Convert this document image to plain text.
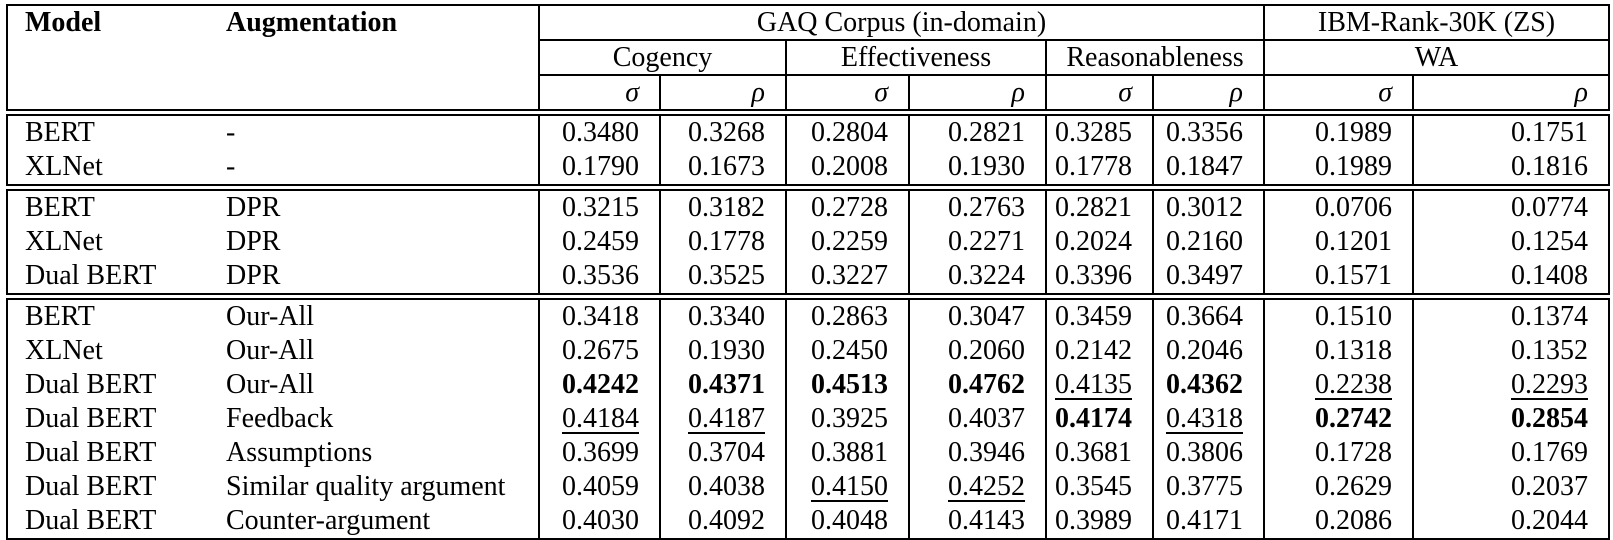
Model	Augmentation	GAQ Corpus (in-domain)						IBM-Rank-30K (ZS)	
		Cogency		Effectiveness		Reasonableness		WA	
		σ	ρ	σ	ρ	σ	ρ	σ	ρ
BERT	-	0.3480	0.3268	0.2804	0.2821	0.3285	0.3356	0.1989	0.1751
XLNet	-	0.1790	0.1673	0.2008	0.1930	0.1778	0.1847	0.1989	0.1816
BERT	DPR	0.3215	0.3182	0.2728	0.2763	0.2821	0.3012	0.0706	0.0774
XLNet	DPR	0.2459	0.1778	0.2259	0.2271	0.2024	0.2160	0.1201	0.1254
Dual BERT	DPR	0.3536	0.3525	0.3227	0.3224	0.3396	0.3497	0.1571	0.1408
BERT	Our-All	0.3418	0.3340	0.2863	0.3047	0.3459	0.3664	0.1510	0.1374
XLNet	Our-All	0.2675	0.1930	0.2450	0.2060	0.2142	0.2046	0.1318	0.1352
Dual BERT	Our-All	0.4242	0.4371	0.4513	0.4762	0.4135	0.4362	0.2238	0.2293
Dual BERT	Feedback	0.4184	0.4187	0.3925	0.4037	0.4174	0.4318	0.2742	0.2854
Dual BERT	Assumptions	0.3699	0.3704	0.3881	0.3946	0.3681	0.3806	0.1728	0.1769
Dual BERT	Similar quality argument	0.4059	0.4038	0.4150	0.4252	0.3545	0.3775	0.2629	0.2037
Dual BERT	Counter-argument	0.4030	0.4092	0.4048	0.4143	0.3989	0.4171	0.2086	0.2044
